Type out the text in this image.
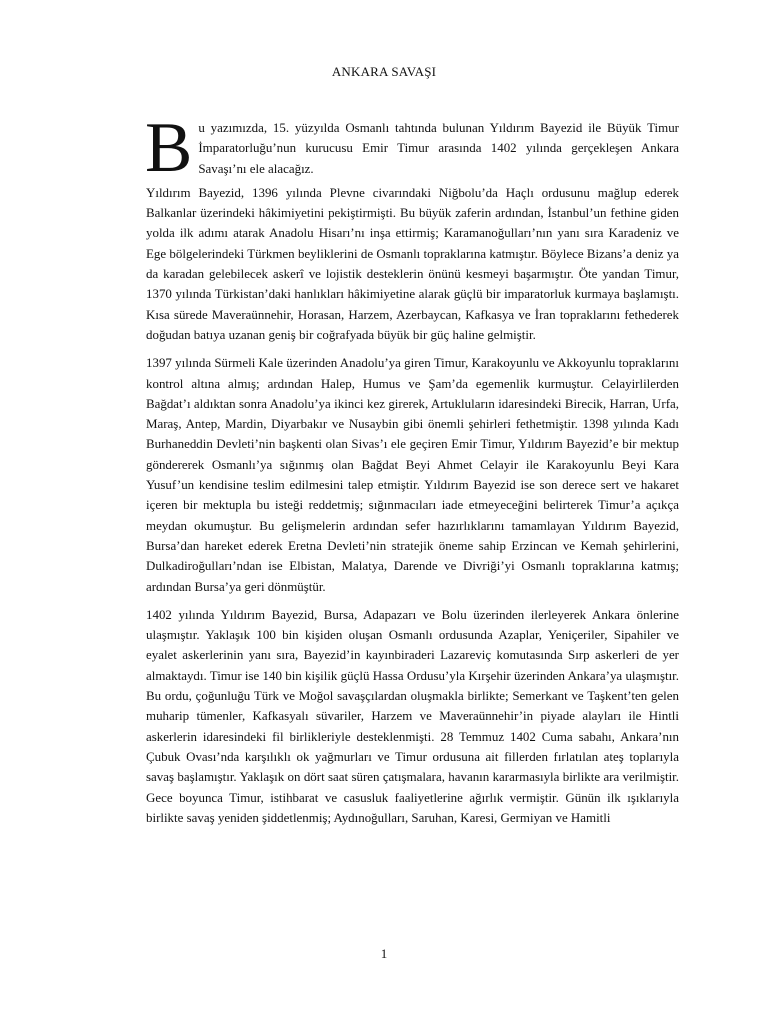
ANKARA SAVAŞI

Bu yazımızda, 15. yüzyılda Osmanlı tahtında bulunan Yıldırım Bayezid ile Büyük Timur İmparatorluğu’nun kurucusu Emir Timur arasında 1402 yılında gerçekleşen Ankara Savaşı’nı ele alacağız.

Yıldırım Bayezid, 1396 yılında Plevne civarındaki Niğbolu’da Haçlı ordusunu mağlup ederek Balkanlar üzerindeki hâkimiyetini pekiştirmişti. Bu büyük zaferin ardından, İstanbul’un fethine giden yolda ilk adımı atarak Anadolu Hisarı’nı inşa ettirmiş; Karamanoğulları’nın yanı sıra Karadeniz ve Ege bölgelerindeki Türkmen beyliklerini de Osmanlı topraklarına katmıştır. Böylece Bizans’a deniz ya da karadan gelebilecek askerî ve lojistik desteklerin önünü kesmeyi başarmıştır. Öte yandan Timur, 1370 yılında Türkistan’daki hanlıkları hâkimiyetine alarak güçlü bir imparatorluk kurmaya başlamıştı. Kısa sürede Maveraünnehir, Horasan, Harzem, Azerbaycan, Kafkasya ve İran topraklarını fethederek doğudan batıya uzanan geniş bir coğrafyada büyük bir güç haline gelmiştir.

1397 yılında Sürmeli Kale üzerinden Anadolu’ya giren Timur, Karakoyunlu ve Akkoyunlu topraklarını kontrol altına almış; ardından Halep, Humus ve Şam’da egemenlik kurmuştur. Celayirlilerden Bağdat’ı aldıktan sonra Anadolu’ya ikinci kez girerek, Artukluların idaresindeki Birecik, Harran, Urfa, Maraş, Antep, Mardin, Diyarbakır ve Nusaybin gibi önemli şehirleri fethetmiştir. 1398 yılında Kadı Burhaneddin Devleti’nin başkenti olan Sivas’ı ele geçiren Emir Timur, Yıldırım Bayezid’e bir mektup göndererek Osmanlı’ya sığınmış olan Bağdat Beyi Ahmet Celayir ile Karakoyunlu Beyi Kara Yusuf’un kendisine teslim edilmesini talep etmiştir. Yıldırım Bayezid ise son derece sert ve hakaret içeren bir mektupla bu isteği reddetmiş; sığınmacıları iade etmeyeceğini belirterek Timur’a açıkça meydan okumuştur. Bu gelişmelerin ardından sefer hazırlıklarını tamamlayan Yıldırım Bayezid, Bursa’dan hareket ederek Eretna Devleti’nin stratejik öneme sahip Erzincan ve Kemah şehirlerini, Dulkadiroğulları’ndan ise Elbistan, Malatya, Darende ve Divriği’yi Osmanlı topraklarına katmış; ardından Bursa’ya geri dönmüştür.

1402 yılında Yıldırım Bayezid, Bursa, Adapazarı ve Bolu üzerinden ilerleyerek Ankara önlerine ulaşmıştır. Yaklaşık 100 bin kişiden oluşan Osmanlı ordusunda Azaplar, Yeniçeriler, Sipahiler ve eyalet askerlerinin yanı sıra, Bayezid’in kayınbiraderi Lazareviç komutasında Sırp askerleri de yer almaktaydı. Timur ise 140 bin kişilik güçlü Hassa Ordusu’yla Kırşehir üzerinden Ankara’ya ulaşmıştır. Bu ordu, çoğunluğu Türk ve Moğol savaşçılardan oluşmakla birlikte; Semerkant ve Taşkent’ten gelen muharip tümenler, Kafkasyalı süvariler, Harzem ve Maveraünnehir’in piyade alayları ile Hintli askerlerin idaresindeki fil birlikleriyle desteklenmişti. 28 Temmuz 1402 Cuma sabahı, Ankara’nın Çubuk Ovası’nda karşılıklı ok yağmurları ve Timur ordusuna ait fillerden fırlatılan ateş toplarıyla savaş başlamıştır. Yaklaşık on dört saat süren çatışmalara, havanın kararmasıyla birlikte ara verilmiştir. Gece boyunca Timur, istihbarat ve casusluk faaliyetlerine ağırlık vermiştir. Günün ilk ışıklarıyla birlikte savaş yeniden şiddetlenmiş; Aydınoğulları, Saruhan, Karesi, Germiyan ve Hamitli

1
